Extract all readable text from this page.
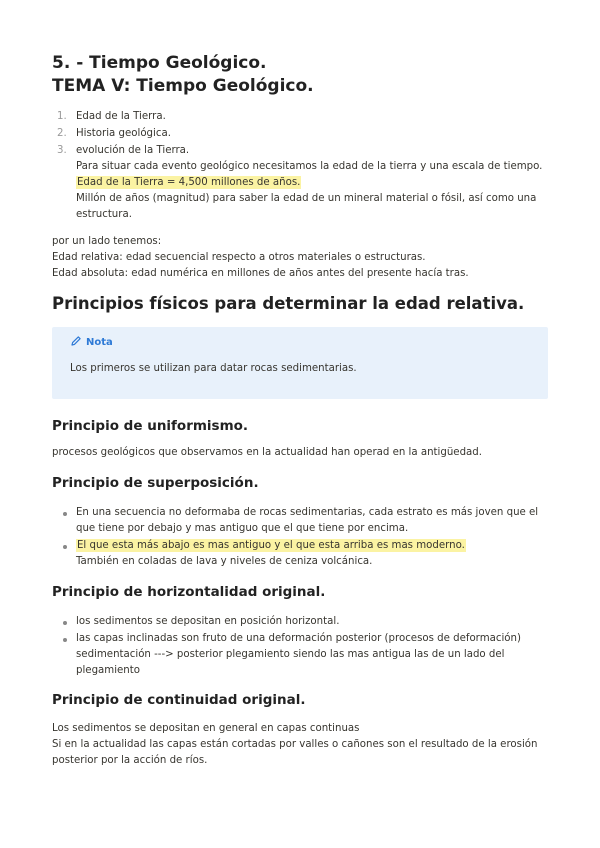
5. - Tiempo Geológico.
TEMA V: Tiempo Geológico.
1. Edad de la Tierra.
2. Historia geológica.
3. evolución de la Tierra.
Para situar cada evento geológico necesitamos la edad de la tierra y una escala de tiempo.
Edad de la Tierra = 4,500 millones de años.
Millón de años (magnitud) para saber la edad de un mineral material o fósil, así como una estructura.

por un lado tenemos:

Edad relativa: edad secuencial respecto a otros materiales o estructuras.

Edad absoluta: edad numérica en millones de años antes del presente hacía tras.

Principios físicos para determinar la edad relativa.
Nota
Los primeros se utilizan para datar rocas sedimentarias.
Principio de uniformismo.

procesos geológicos que observamos en la actualidad han operad en la antigüedad.

Principio de superposición.
En una secuencia no deformaba de rocas sedimentarias, cada estrato es más joven que el que tiene por debajo y mas antiguo que el que tiene por encima.
El que esta más abajo es mas antiguo y el que esta arriba es mas moderno.
También en coladas de lava y niveles de ceniza volcánica.
Principio de horizontalidad original.
los sedimentos se depositan en posición horizontal.
las capas inclinadas son fruto de una deformación posterior (procesos de deformación)
sedimentación ---> posterior plegamiento siendo las mas antigua las de un lado del plegamiento
Principio de continuidad original.

Los sedimentos se depositan en general en capas continuas

Si en la actualidad las capas están cortadas por valles o cañones son el resultado de la erosión posterior por la acción de ríos.
